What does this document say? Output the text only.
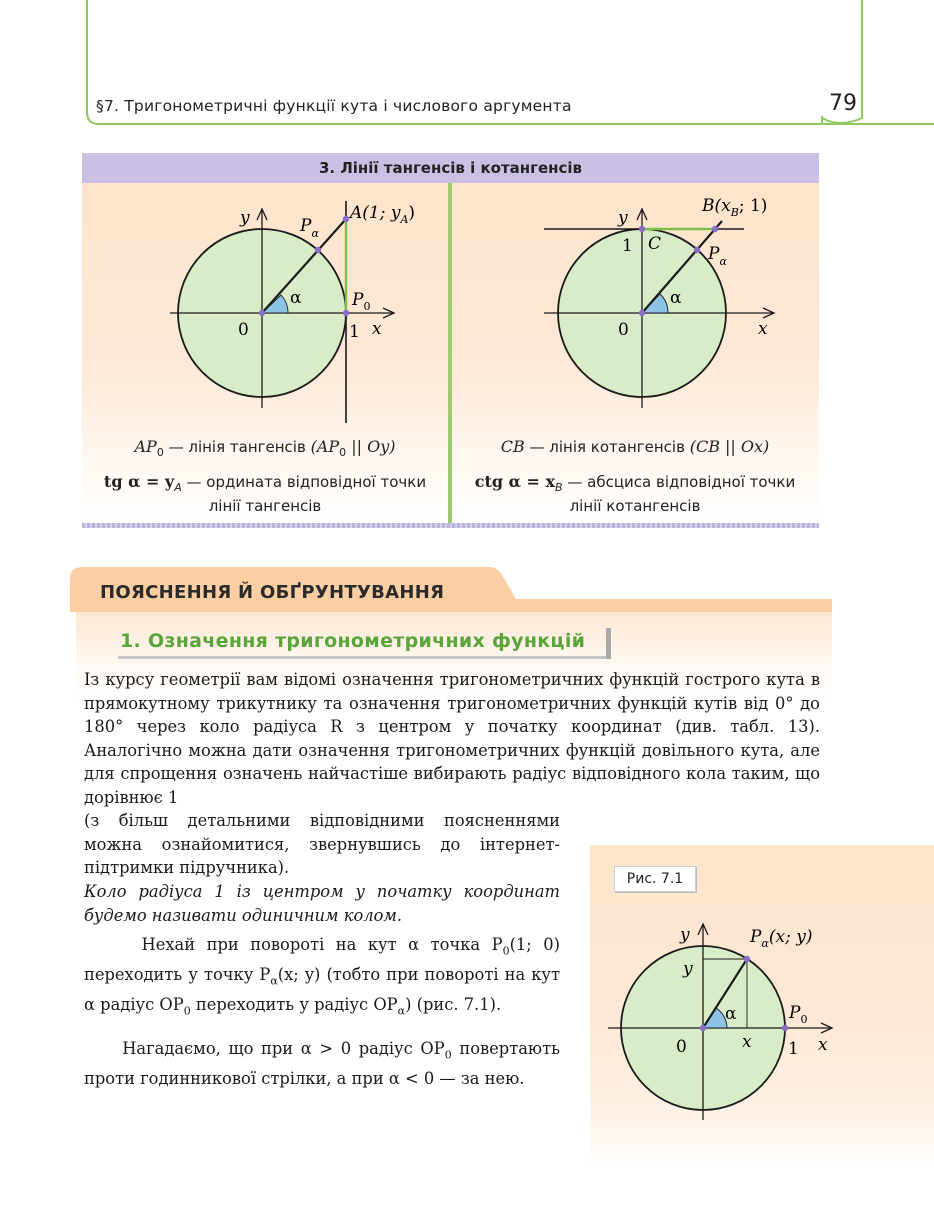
§7. Тригонометричні функції кута і числового аргумента	79
3. Лінії тангенсів і котангенсів
y
x
0	1
$P_\alpha$
α	$P_0$
A(1; $y_A$)	y
x
0
1 C	$P_\alpha$
α
$B(x_B$; 1)
$AP_0$ — лінія тангенсів ($AP_0$ || Oy)
tg $\alpha = y_A$ — ордината відповідної точки
лінії тангенсів
CB — лінія котангенсів (CB || Ox)
ctg $\alpha = x_B$ — абсциса відповідної точки
лінії котангенсів
ПОЯСНЕННЯ Й ОБҐРУНТУВАННЯ
1. Означення тригонометричних функцій
Із курсу геометрії вам відомі означення тригонометричних функцій гострого кута в прямокутному трикутнику та означення тригонометричних функцій кутів від 0° до 180° через коло радіуса R з центром у початку координат (див. табл. 13). Аналогічно можна дати означення тригонометричних функцій довільного кута, але для спрощення означень найчастіше вибирають радіус відповідного кола таким, що дорівнює 1
(з більш детальними відповідними поясненнями можна ознайомитися, звернувшись до інтернет-підтримки підручника).
Коло радіуса 1 із центром у початку координат будемо називати одиничним колом.
Нехай при повороті на кут α точка $P_0(1$; 0) переходить у точку $P_\alpha(x$; y) (тобто при повороті на кут α радіус $OP_0$ переходить у радіус $OP_\alpha$) (рис. 7.1).
Нагадаємо, що при α > 0 радіус $OP_0$ повертають проти годинникової стрілки, а при α < 0 — за нею.
Рис. 7.1
y
x
0	1
y
x
α
$P_\alpha(x$; y)
$P_0$
